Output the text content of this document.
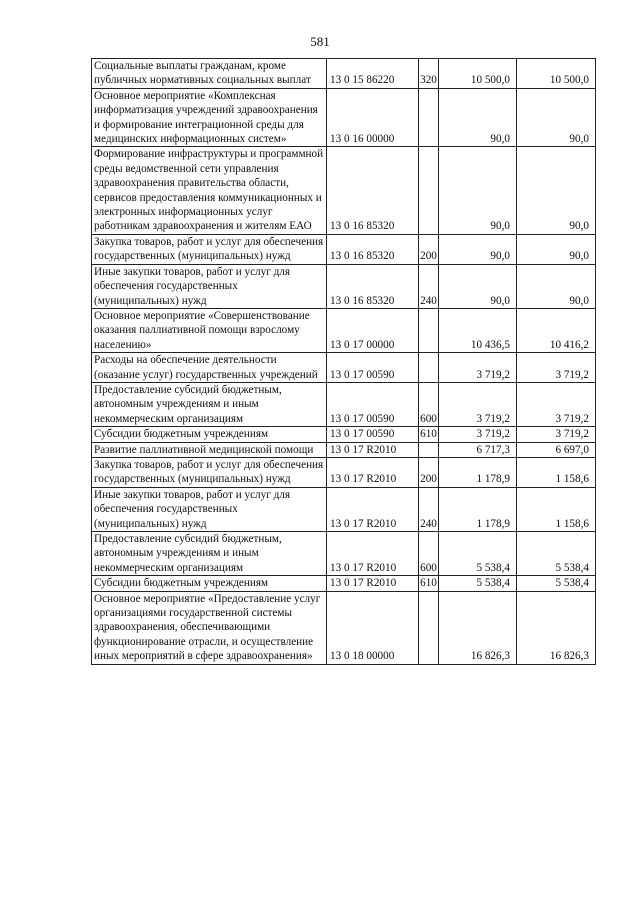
581
Социальные выплаты гражданам, кроме публичных нормативных социальных выплат	13 0 15 86220	320	10 500,0	10 500,0
Основное мероприятие «Комплексная информатизация учреждений здравоохранения и формирование интеграционной среды для медицинских информационных систем»	13 0 16 00000		90,0	90,0
Формирование инфраструктуры и программной среды ведомственной сети управления здравоохранения правительства области, сервисов предоставления коммуникационных и электронных информационных услуг работникам здравоохранения и жителям ЕАО	13 0 16 85320		90,0	90,0
Закупка товаров, работ и услуг для обеспечения государственных (муниципальных) нужд	13 0 16 85320	200	90,0	90,0
Иные закупки товаров, работ и услуг для обеспечения государственных (муниципальных) нужд	13 0 16 85320	240	90,0	90,0
Основное мероприятие «Совершенствование оказания паллиативной помощи взрослому населению»	13 0 17 00000		10 436,5	10 416,2
Расходы на обеспечение деятельности (оказание услуг) государственных учреждений	13 0 17 00590		3 719,2	3 719,2
Предоставление субсидий бюджетным, автономным учреждениям и иным некоммерческим организациям	13 0 17 00590	600	3 719,2	3 719,2
Субсидии бюджетным учреждениям	13 0 17 00590	610	3 719,2	3 719,2
Развитие паллиативной медицинской помощи	13 0 17 R2010		6 717,3	6 697,0
Закупка товаров, работ и услуг для обеспечения государственных (муниципальных) нужд	13 0 17 R2010	200	1 178,9	1 158,6
Иные закупки товаров, работ и услуг для обеспечения государственных (муниципальных) нужд	13 0 17 R2010	240	1 178,9	1 158,6
Предоставление субсидий бюджетным, автономным учреждениям и иным некоммерческим организациям	13 0 17 R2010	600	5 538,4	5 538,4
Субсидии бюджетным учреждениям	13 0 17 R2010	610	5 538,4	5 538,4
Основное мероприятие «Предоставление услуг организациями государственной системы здравоохранения, обеспечивающими функционирование отрасли, и осуществление иных мероприятий в сфере здравоохранения»	13 0 18 00000		16 826,3	16 826,3
